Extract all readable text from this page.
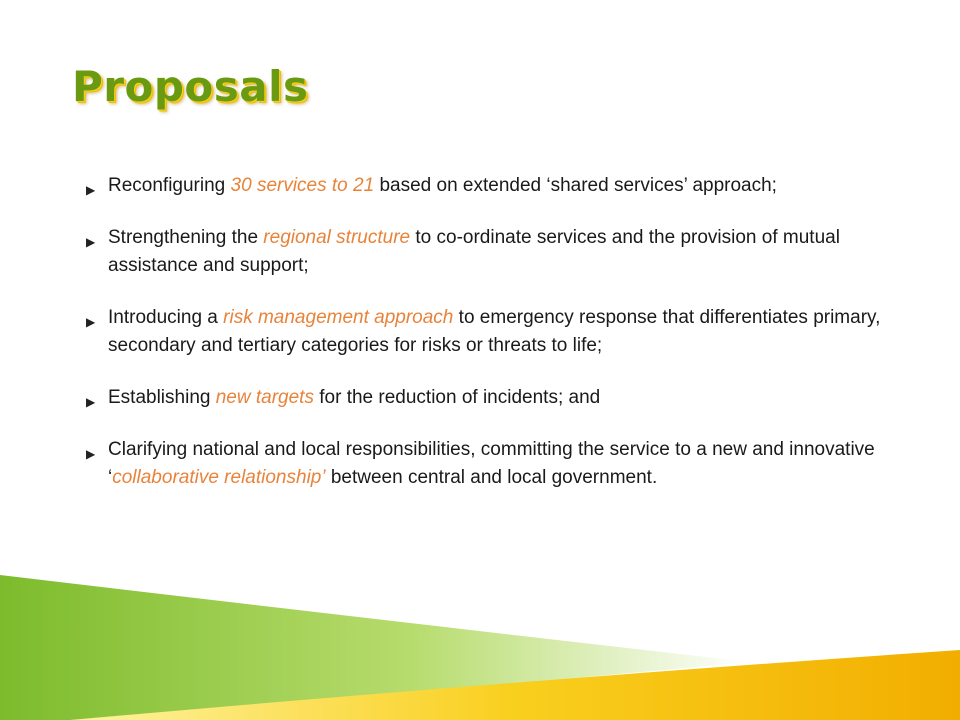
Proposals
▶ Reconfiguring 30 services to 21 based on extended ‘shared services’ approach;
▶ Strengthening the regional structure to co-ordinate services and the provision of mutual assistance and support;
▶ Introducing a risk management approach to emergency response that differentiates primary, secondary and tertiary categories for risks or threats to life;
▶ Establishing new targets for the reduction of incidents; and
▶ Clarifying national and local responsibilities, committing the service to a new and innovative ‘collaborative relationship’ between central and local government.
